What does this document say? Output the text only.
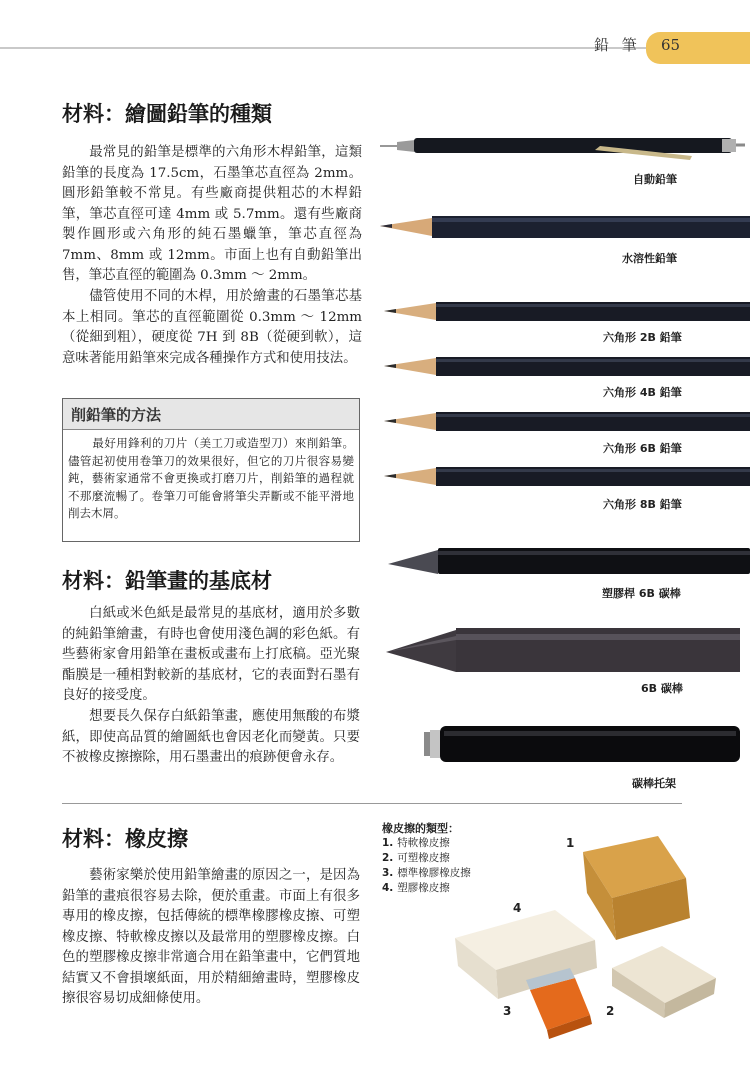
鉛 筆 65
材料：繪圖鉛筆的種類

最常見的鉛筆是標準的六角形木桿鉛筆，這類鉛筆的長度為 17.5cm，石墨筆芯直徑為 2mm。圓形鉛筆較不常見。有些廠商提供粗芯的木桿鉛筆，筆芯直徑可達 4mm 或 5.7mm。還有些廠商製作圓形或六角形的純石墨蠟筆，筆芯直徑為 7mm、8mm 或 12mm。市面上也有自動鉛筆出售，筆芯直徑的範圍為 0.3mm ～ 2mm。

儘管使用不同的木桿，用於繪畫的石墨筆芯基本上相同。筆芯的直徑範圍從 0.3mm ～ 12mm（從細到粗），硬度從 7H 到 8B（從硬到軟），這意味著能用鉛筆來完成各種操作方式和使用技法。

削鉛筆的方法

最好用鋒利的刀片（美工刀或造型刀）來削鉛筆。儘管起初使用卷筆刀的效果很好，但它的刀片很容易變鈍，藝術家通常不會更換或打磨刀片，削鉛筆的過程就不那麼流暢了。卷筆刀可能會將筆尖弄斷或不能平滑地削去木屑。

材料：鉛筆畫的基底材

白紙或米色紙是最常見的基底材，適用於多數的純鉛筆繪畫，有時也會使用淺色調的彩色紙。有些藝術家會用鉛筆在畫板或畫布上打底稿。亞光聚酯膜是一種相對較新的基底材，它的表面對石墨有良好的接受度。

想要長久保存白紙鉛筆畫，應使用無酸的布漿紙，即使高品質的繪圖紙也會因老化而變黃。只要不被橡皮擦擦除，用石墨畫出的痕跡便會永存。

自動鉛筆
水溶性鉛筆
六角形 2B 鉛筆
六角形 4B 鉛筆
六角形 6B 鉛筆
六角形 8B 鉛筆
塑膠桿 6B 碳棒
6B 碳棒
碳棒托架
材料：橡皮擦

藝術家樂於使用鉛筆繪畫的原因之一，是因為鉛筆的畫痕很容易去除，便於重畫。市面上有很多專用的橡皮擦，包括傳統的標準橡膠橡皮擦、可塑橡皮擦、特軟橡皮擦以及最常用的塑膠橡皮擦。白色的塑膠橡皮擦非常適合用在鉛筆畫中，它們質地結實又不會損壞紙面，用於精細繪畫時，塑膠橡皮擦很容易切成細條使用。

橡皮擦的類型：
1. 特軟橡皮擦
2. 可塑橡皮擦
3. 標準橡膠橡皮擦
4. 塑膠橡皮擦
1
2
3
4
